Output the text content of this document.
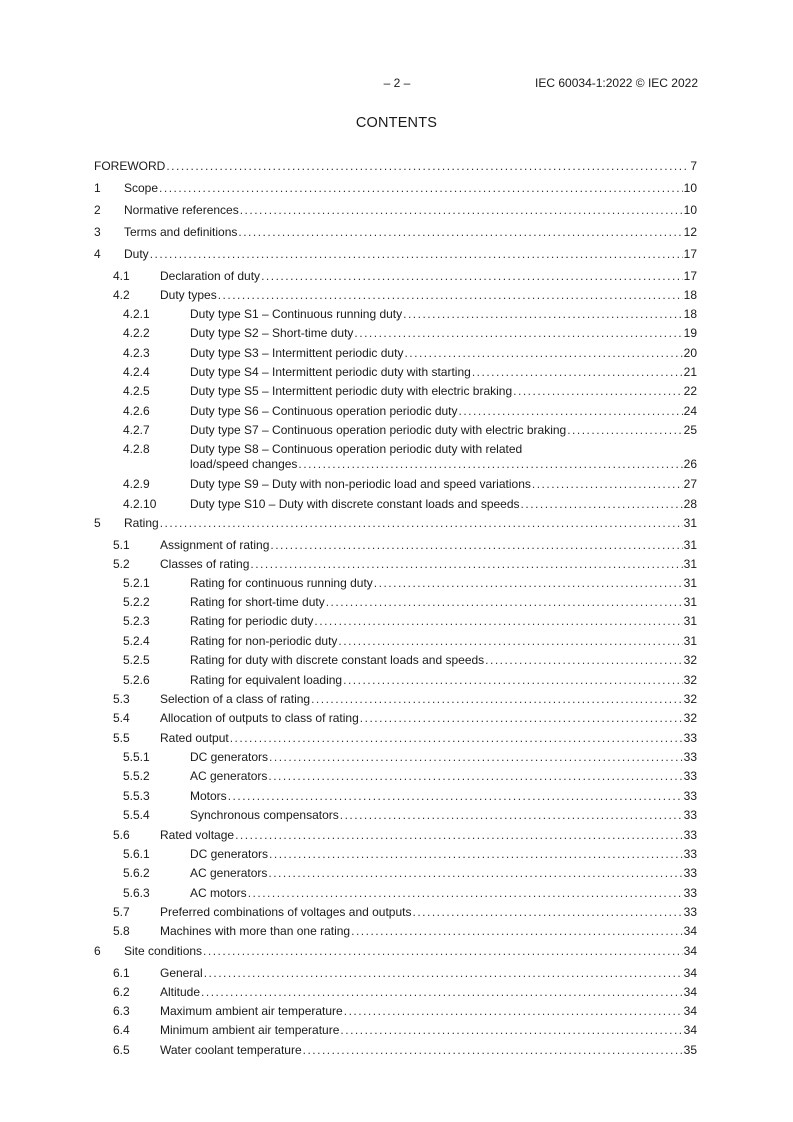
– 2 –	IEC 60034-1:2022 © IEC 2022
CONTENTS
FOREWORD .....	7
1 Scope .....	10
2 Normative references .....	10
3 Terms and definitions .....	12
4 Duty .....	17
4.1	Declaration of duty .....	17
4.2	Duty types .....	18
4.2.1	Duty type S1 – Continuous running duty .....	18
4.2.2	Duty type S2 – Short-time duty .....	19
4.2.3	Duty type S3 – Intermittent periodic duty .....	20
4.2.4	Duty type S4 – Intermittent periodic duty with starting .....	21
4.2.5	Duty type S5 – Intermittent periodic duty with electric braking .....	22
4.2.6	Duty type S6 – Continuous operation periodic duty .....	24
4.2.7	Duty type S7 – Continuous operation periodic duty with electric braking .....	25
4.2.8	Duty type S8 – Continuous operation periodic duty with related
load/speed changes .....	26
4.2.9	Duty type S9 – Duty with non-periodic load and speed variations .....	27
4.2.10	Duty type S10 – Duty with discrete constant loads and speeds .....	28
5 Rating .....	31
5.1	Assignment of rating .....	31
5.2	Classes of rating .....	31
5.2.1	Rating for continuous running duty .....	31
5.2.2	Rating for short-time duty .....	31
5.2.3	Rating for periodic duty .....	31
5.2.4	Rating for non-periodic duty .....	31
5.2.5	Rating for duty with discrete constant loads and speeds .....	32
5.2.6	Rating for equivalent loading .....	32
5.3	Selection of a class of rating .....	32
5.4	Allocation of outputs to class of rating .....	32
5.5	Rated output .....	33
5.5.1	DC generators .....	33
5.5.2	AC generators .....	33
5.5.3	Motors .....	33
5.5.4	Synchronous compensators .....	33
5.6	Rated voltage .....	33
5.6.1	DC generators .....	33
5.6.2	AC generators .....	33
5.6.3	AC motors .....	33
5.7	Preferred combinations of voltages and outputs .....	33
5.8	Machines with more than one rating .....	34
6 Site conditions .....	34
6.1	General .....	34
6.2	Altitude .....	34
6.3	Maximum ambient air temperature .....	34
6.4	Minimum ambient air temperature .....	34
6.5	Water coolant temperature .....	35
